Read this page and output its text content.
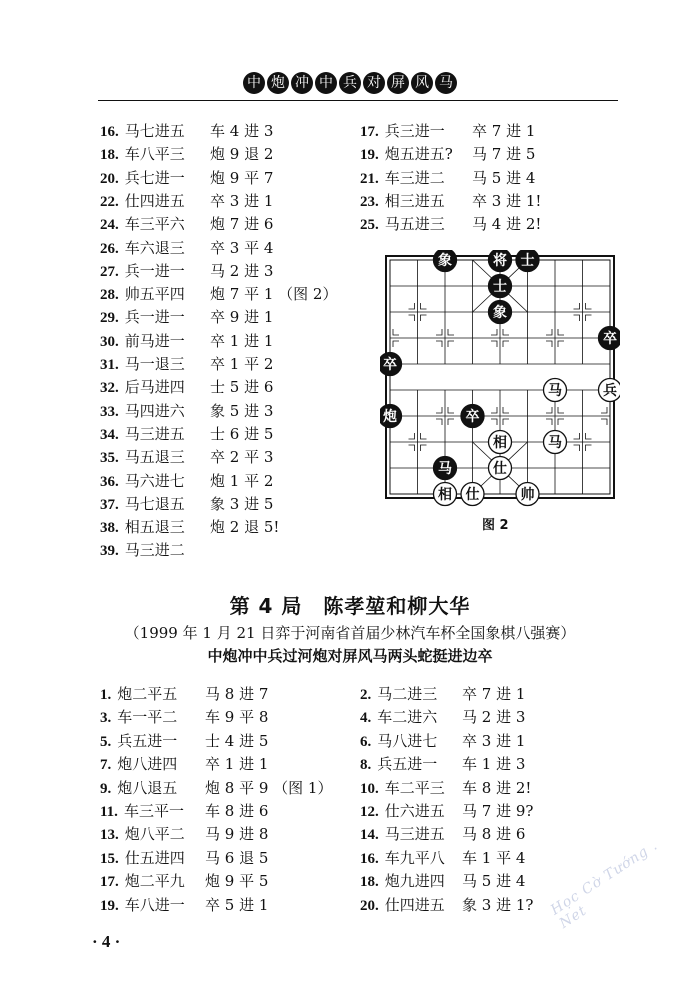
中 炮 冲 中 兵 对 屏 风 马
16. 马七进五 车 4 进 3
18. 车八平三 炮 9 退 2
20. 兵七进一 炮 9 平 7
22. 仕四进五 卒 3 进 1
24. 车三平六 炮 7 进 6
26. 车六退三 卒 3 平 4
27. 兵一进一 马 2 进 3
28. 帅五平四 炮 7 平 1 （图 2）
29. 兵一进一 卒 9 进 1
30. 前马进一 卒 1 进 1
31. 马一退三 卒 1 平 2
32. 后马进四 士 5 进 6
33. 马四进六 象 5 进 3
34. 马三进五 士 6 进 5
35. 马五退三 卒 2 平 3
36. 马六进七 炮 1 平 2
37. 马七退五 象 3 进 5
38. 相五退三 炮 2 退 5!
39. 马三进二
17. 兵三进一 卒 7 进 1
19. 炮五进五? 马 7 进 5
21. 车三进二 马 5 进 4
23. 相三进五 卒 3 进 1!
25. 马五进三 马 4 进 2!
象	将 士
士
象
卒
卒
马	兵
炮	卒
相	马
马	仕
相 仕	帅
图 2
第 4 局　陈孝堃和柳大华
（1999 年 1 月 21 日弈于河南省首届少林汽车杯全国象棋八强赛）
中炮冲中兵过河炮对屏风马两头蛇挺进边卒
1. 炮二平五 马 8 进 7
3. 车一平二 车 9 平 8
5. 兵五进一 士 4 进 5
7. 炮八进四 卒 1 进 1
9. 炮八退五 炮 8 平 9 （图 1）
11. 车三平一 车 8 进 6
13. 炮八平二 马 9 进 8
15. 仕五进四 马 6 退 5
17. 炮二平九 炮 9 平 5
19. 车八进一 卒 5 进 1
2. 马二进三 卒 7 进 1
4. 车二进六 马 2 进 3
6. 马八进七 卒 3 进 1
8. 兵五进一 车 1 进 3
10. 车二平三 车 8 进 2!
12. 仕六进五 马 7 进 9?
14. 马三进五 马 8 进 6
16. 车九平八 车 1 平 4
18. 炮九进四 马 5 进 4
20. 仕四进五 象 3 进 1?
· 4 ·
Học Cờ Tướng . Net
